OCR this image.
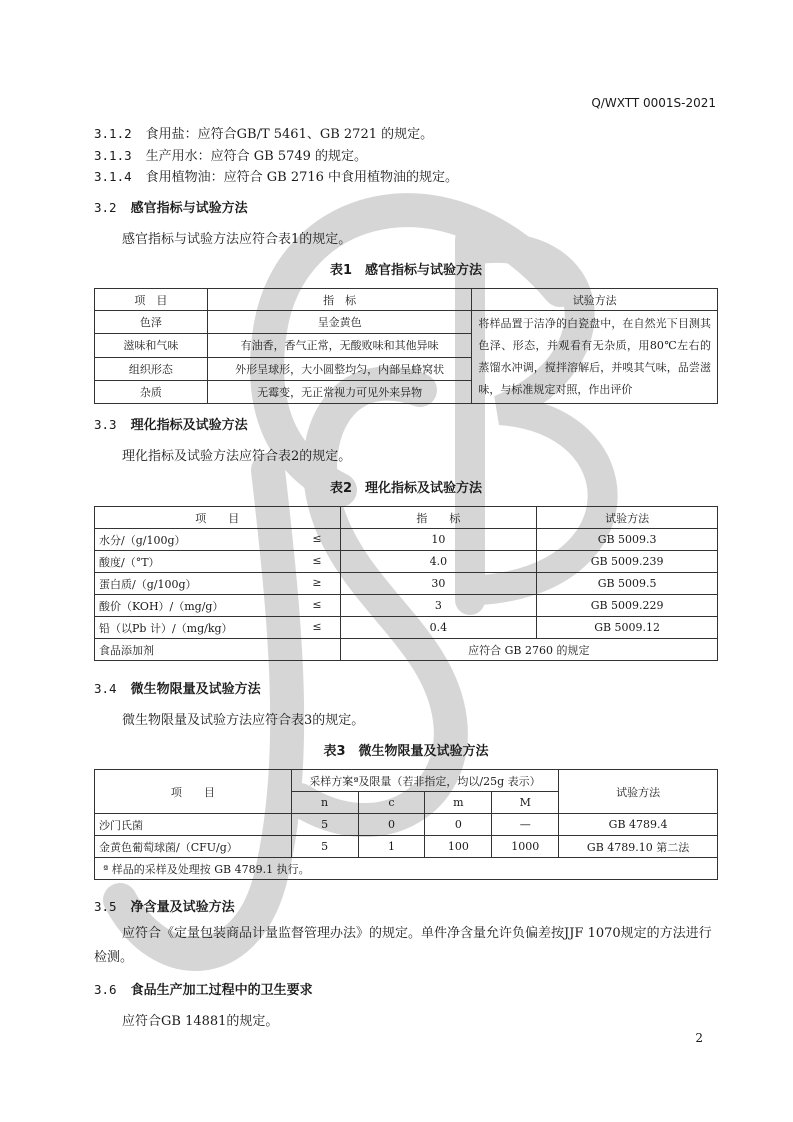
Q/WXTT 0001S-2021
3.1.2 食用盐：应符合GB/T 5461、GB 2721 的规定。
3.1.3 生产用水：应符合 GB 5749 的规定。
3.1.4 食用植物油：应符合 GB 2716 中食用植物油的规定。
3.2 感官指标与试验方法
感官指标与试验方法应符合表1的规定。
表1　感官指标与试验方法
项　目	指　标	试验方法
色泽	呈金黄色	将样品置于洁净的白瓷盘中，在自然光下目测其色泽、形态，并观看有无杂质，用80℃左右的蒸馏水冲调，搅拌溶解后，并嗅其气味，品尝滋味，与标准规定对照，作出评价
滋味和气味	有油香，香气正常，无酸败味和其他异味	
组织形态	外形呈球形，大小圆整均匀，内部呈蜂窝状	
杂质	无霉变，无正常视力可见外来异物	
3.3 理化指标及试验方法
理化指标及试验方法应符合表2的规定。
表2　理化指标及试验方法
项　　目	指　　标	试验方法
水分/（g/100g） ≤	10	GB 5009.3
酸度/（°T） ≤	4.0	GB 5009.239
蛋白质/（g/100g） ≥	30	GB 5009.5
酸价（KOH）/（mg/g） ≤	3	GB 5009.229
铅（以Pb 计）/（mg/kg） ≤	0.4	GB 5009.12
食品添加剂	应符合 GB 2760 的规定	
3.4 微生物限量及试验方法
微生物限量及试验方法应符合表3的规定。
表3　微生物限量及试验方法
项　　目	采样方案ª及限量（若非指定，均以/25g 表示）				试验方法
	n	c	m	M	
沙门氏菌	5	0	0	—	GB 4789.4
金黄色葡萄球菌/（CFU/g）	5	1	100	1000	GB 4789.10 第二法
ª 样品的采样及处理按 GB 4789.1 执行。					
3.5 净含量及试验方法
应符合《定量包装商品计量监督管理办法》的规定。单件净含量允许负偏差按JJF 1070规定的方法进行检测。
3.6 食品生产加工过程中的卫生要求
应符合GB 14881的规定。
2
